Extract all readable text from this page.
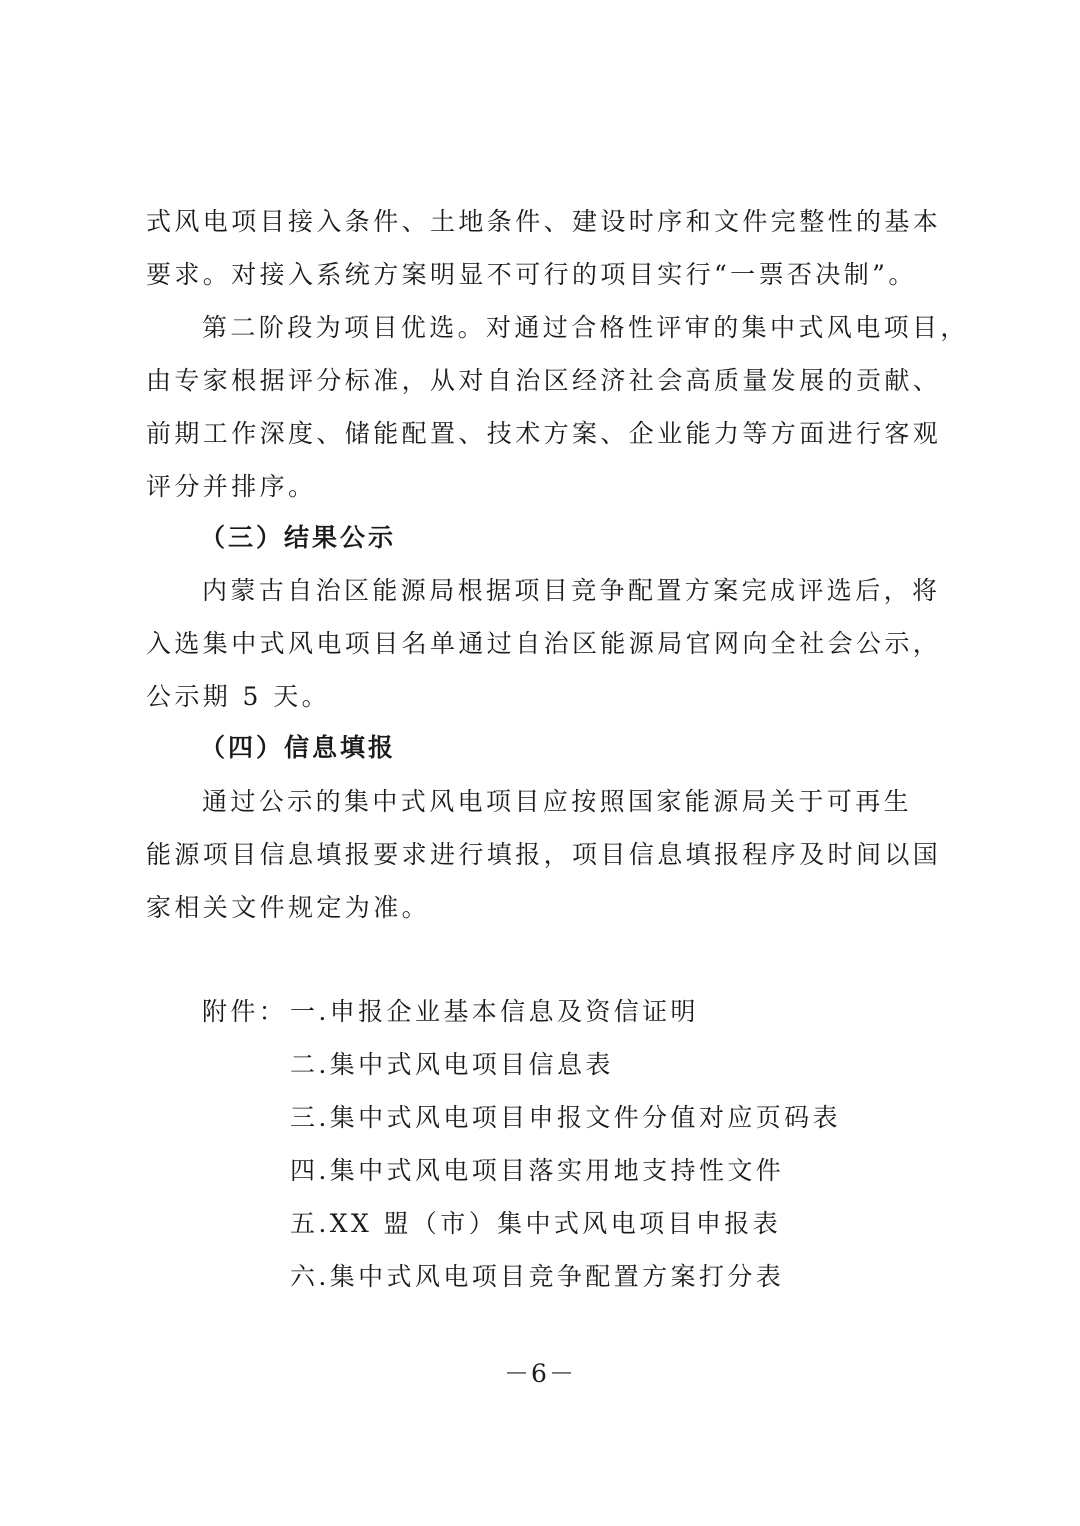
式风电项目接入条件、土地条件、建设时序和文件完整性的基本
要求。对接入系统方案明显不可行的项目实行“一票否决制”。
第二阶段为项目优选。对通过合格性评审的集中式风电项目，
由专家根据评分标准，从对自治区经济社会高质量发展的贡献、
前期工作深度、储能配置、技术方案、企业能力等方面进行客观
评分并排序。
（三）结果公示
内蒙古自治区能源局根据项目竞争配置方案完成评选后，将
入选集中式风电项目名单通过自治区能源局官网向全社会公示，
公示期 5 天。
（四）信息填报
通过公示的集中式风电项目应按照国家能源局关于可再生
能源项目信息填报要求进行填报，项目信息填报程序及时间以国
家相关文件规定为准。
附件： 一.申报企业基本信息及资信证明
二.集中式风电项目信息表
三.集中式风电项目申报文件分值对应页码表
四.集中式风电项目落实用地支持性文件
五.XX 盟（市）集中式风电项目申报表
六.集中式风电项目竞争配置方案打分表
－6－
